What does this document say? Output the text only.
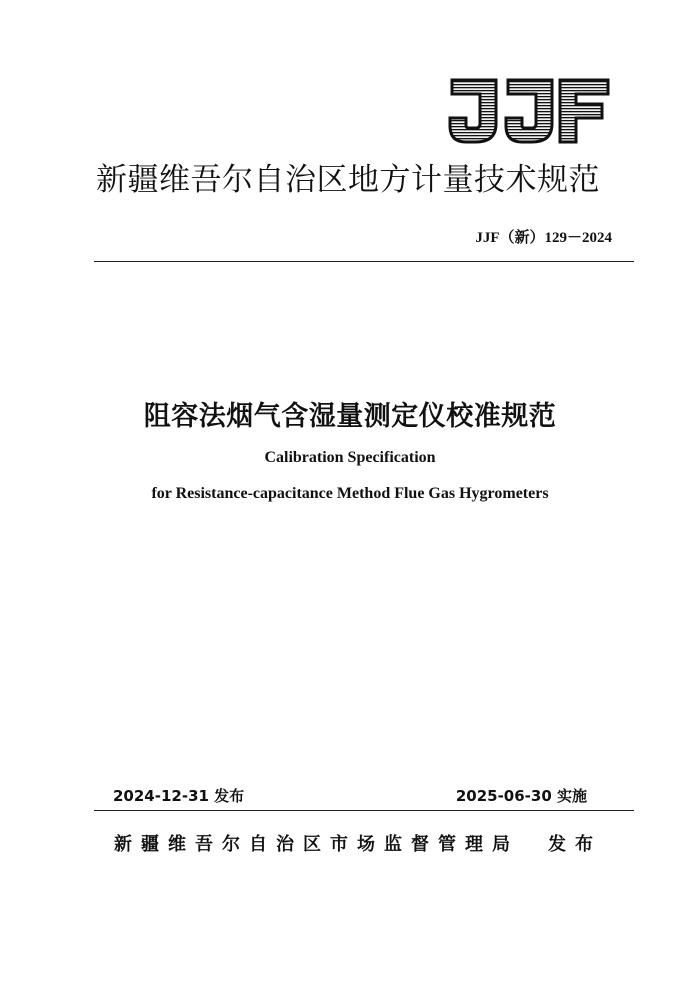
新疆维吾尔自治区地方计量技术规范
JJF（新）129－2024
阻容法烟气含湿量测定仪校准规范
Calibration Specification
for Resistance-capacitance Method Flue Gas Hygrometers
2024-12-31 发布	2025-06-30 实施
新疆维吾尔自治区市场监督管理局 发布
